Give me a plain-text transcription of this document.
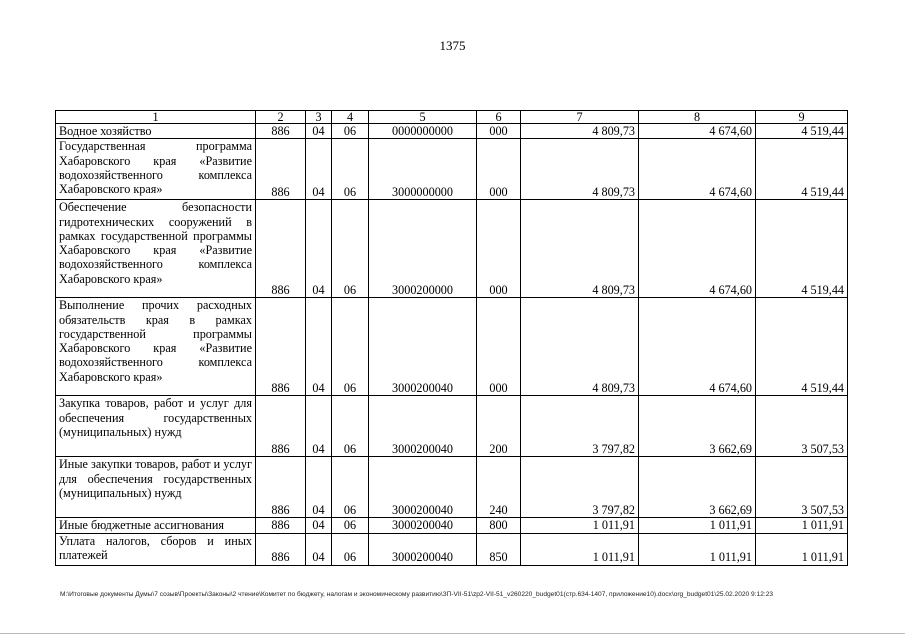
1375
1	2	3	4	5	6	7	8	9
Водное хозяйство	886	04	06	0000000000	000	4 809,73	4 674,60	4 519,44
Государственная программа Хабаровского края «Развитие водохозяйственного комплекса Хабаровского края»	886	04	06	3000000000	000	4 809,73	4 674,60	4 519,44
Обеспечение безопасности гидротехнических сооружений в рамках государственной программы Хабаровского края «Развитие водохозяйственного комплекса Хабаровского края»	886	04	06	3000200000	000	4 809,73	4 674,60	4 519,44
Выполнение прочих расходных обязательств края в рамках государственной программы Хабаровского края «Развитие водохозяйственного комплекса Хабаровского края»	886	04	06	3000200040	000	4 809,73	4 674,60	4 519,44
Закупка товаров, работ и услуг для обеспечения государственных (муниципальных) нужд	886	04	06	3000200040	200	3 797,82	3 662,69	3 507,53
Иные закупки товаров, работ и услуг для обеспечения государственных (муниципальных) нужд	886	04	06	3000200040	240	3 797,82	3 662,69	3 507,53
Иные бюджетные ассигнования	886	04	06	3000200040	800	1 011,91	1 011,91	1 011,91
Уплата налогов, сборов и иных платежей	886	04	06	3000200040	850	1 011,91	1 011,91	1 011,91
M:\Итоговые документы Думы\7 созыв\Проекты\Законы\2 чтение\Комитет по бюджету, налогам и экономическому развитию\ЗП-VII-51\zp2-VII-51_v260220_budget01(стр.634-1407, приложение10).docx\org_budget01\25.02.2020 9:12:23
